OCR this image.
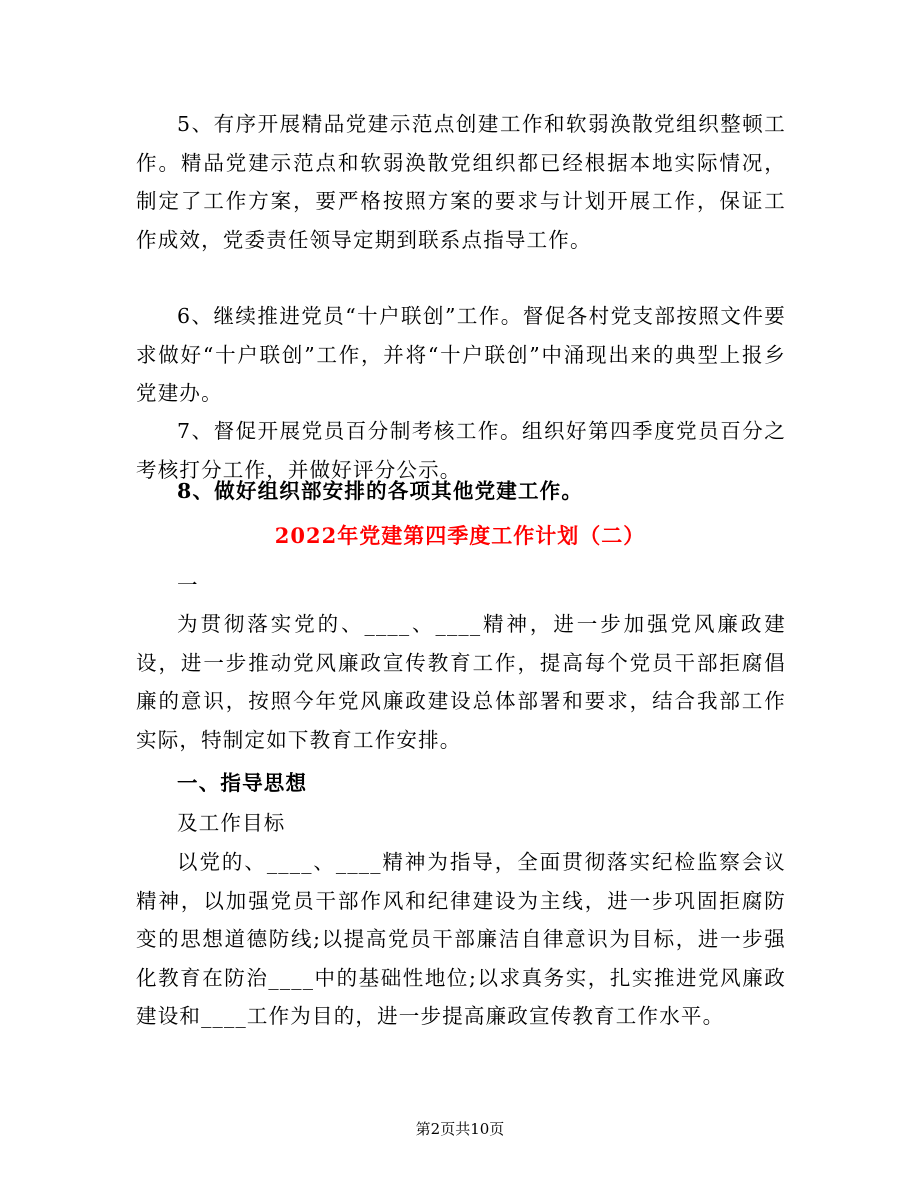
5、有序开展精品党建示范点创建工作和软弱涣散党组织整顿工作。精品党建示范点和软弱涣散党组织都已经根据本地实际情况，制定了工作方案，要严格按照方案的要求与计划开展工作，保证工作成效，党委责任领导定期到联系点指导工作。

6、继续推进党员“十户联创”工作。督促各村党支部按照文件要求做好“十户联创”工作，并将“十户联创”中涌现出来的典型上报乡党建办。

7、督促开展党员百分制考核工作。组织好第四季度党员百分之考核打分工作，并做好评分公示。

8、做好组织部安排的各项其他党建工作。

2022年党建第四季度工作计划（二）

一

为贯彻落实党的、____、____精神，进一步加强党风廉政建设，进一步推动党风廉政宣传教育工作，提高每个党员干部拒腐倡廉的意识，按照今年党风廉政建设总体部署和要求，结合我部工作实际，特制定如下教育工作安排。

一、指导思想

及工作目标

以党的、____、____精神为指导，全面贯彻落实纪检监察会议精神，以加强党员干部作风和纪律建设为主线，进一步巩固拒腐防变的思想道德防线;以提高党员干部廉洁自律意识为目标，进一步强化教育在防治____中的基础性地位;以求真务实，扎实推进党风廉政建设和____工作为目的，进一步提高廉政宣传教育工作水平。

第2页共10页
